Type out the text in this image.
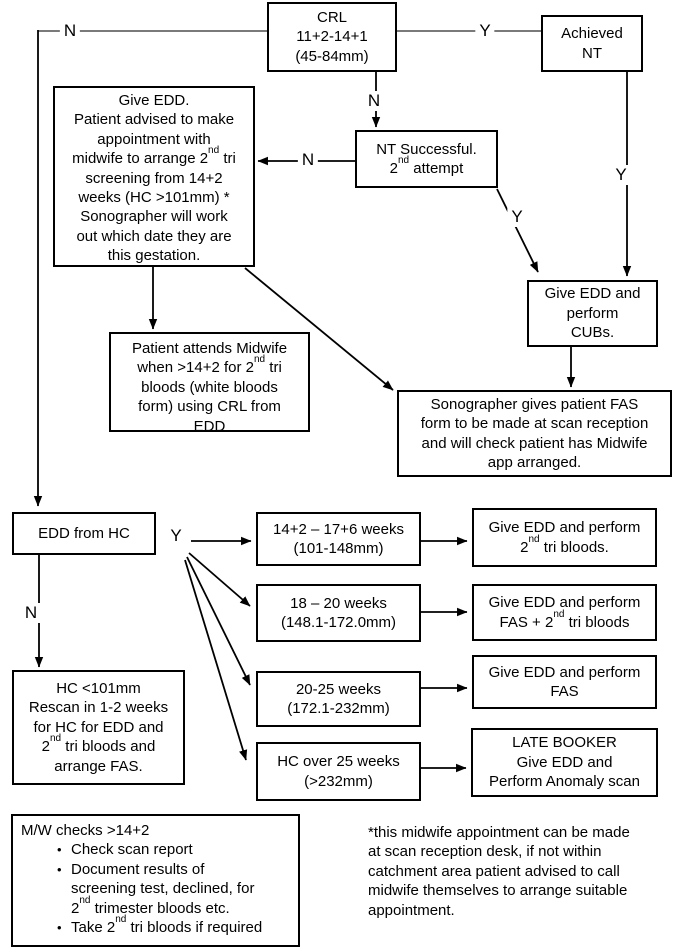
CRL
11+2-14+1
(45-84mm)
Achieved
NT
NT Successful.
2nd attempt
Give EDD.
Patient advised to make
appointment with
midwife to arrange 2nd tri
screening from 14+2
weeks (HC >101mm) *
Sonographer will work
out which date they are
this gestation.
Give EDD and
perform
CUBs.
Patient attends Midwife
when >14+2 for 2nd tri
bloods (white bloods
form) using CRL from
EDD
Sonographer gives patient FAS
form to be made at scan reception
and will check patient has Midwife
app arranged.
EDD from HC
HC <101mm
Rescan in 1-2 weeks
for HC for EDD and
2nd tri bloods and
arrange FAS.
14+2 – 17+6 weeks
(101-148mm)
18 – 20 weeks
(148.1-172.0mm)
20-25 weeks
(172.1-232mm)
HC over 25 weeks
(>232mm)
Give EDD and perform
2nd tri bloods.
Give EDD and perform
FAS + 2nd tri bloods
Give EDD and perform
FAS
LATE BOOKER
Give EDD and
Perform Anomaly scan
M/W checks >14+2
• Check scan report
• Document results of
screening test, declined, for
2nd trimester bloods etc.
• Take 2nd tri bloods if required
*this midwife appointment can be made
at scan reception desk, if not within
catchment area patient advised to call
midwife themselves to arrange suitable
appointment.
N	Y
N
N
Y
Y
Y
N
